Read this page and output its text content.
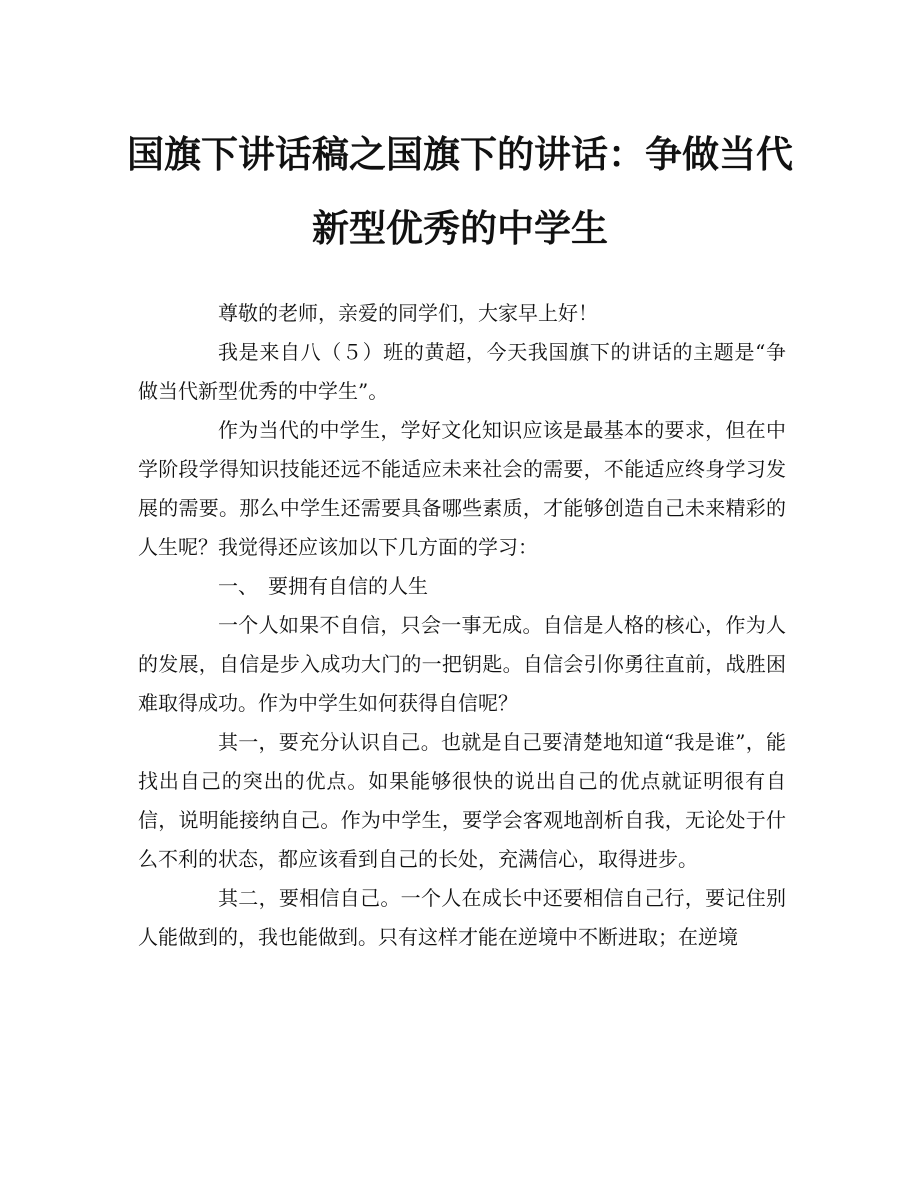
国旗下讲话稿之国旗下的讲话：争做当代新型优秀的中学生

尊敬的老师，亲爱的同学们，大家早上好！

我是来自八（５）班的黄超，今天我国旗下的讲话的主题是“争做当代新型优秀的中学生”。

作为当代的中学生，学好文化知识应该是最基本的要求，但在中学阶段学得知识技能还远不能适应未来社会的需要，不能适应终身学习发展的需要。那么中学生还需要具备哪些素质，才能够创造自己未来精彩的人生呢？我觉得还应该加以下几方面的学习：

一、　要拥有自信的人生

一个人如果不自信，只会一事无成。自信是人格的核心，作为人的发展，自信是步入成功大门的一把钥匙。自信会引你勇往直前，战胜困难取得成功。作为中学生如何获得自信呢？

其一，要充分认识自己。也就是自己要清楚地知道“我是谁”，能找出自己的突出的优点。如果能够很快的说出自己的优点就证明很有自信，说明能接纳自己。作为中学生，要学会客观地剖析自我，无论处于什么不利的状态，都应该看到自己的长处，充满信心，取得进步。

其二，要相信自己。一个人在成长中还要相信自己行，要记住别人能做到的，我也能做到。只有这样才能在逆境中不断进取；在逆境
